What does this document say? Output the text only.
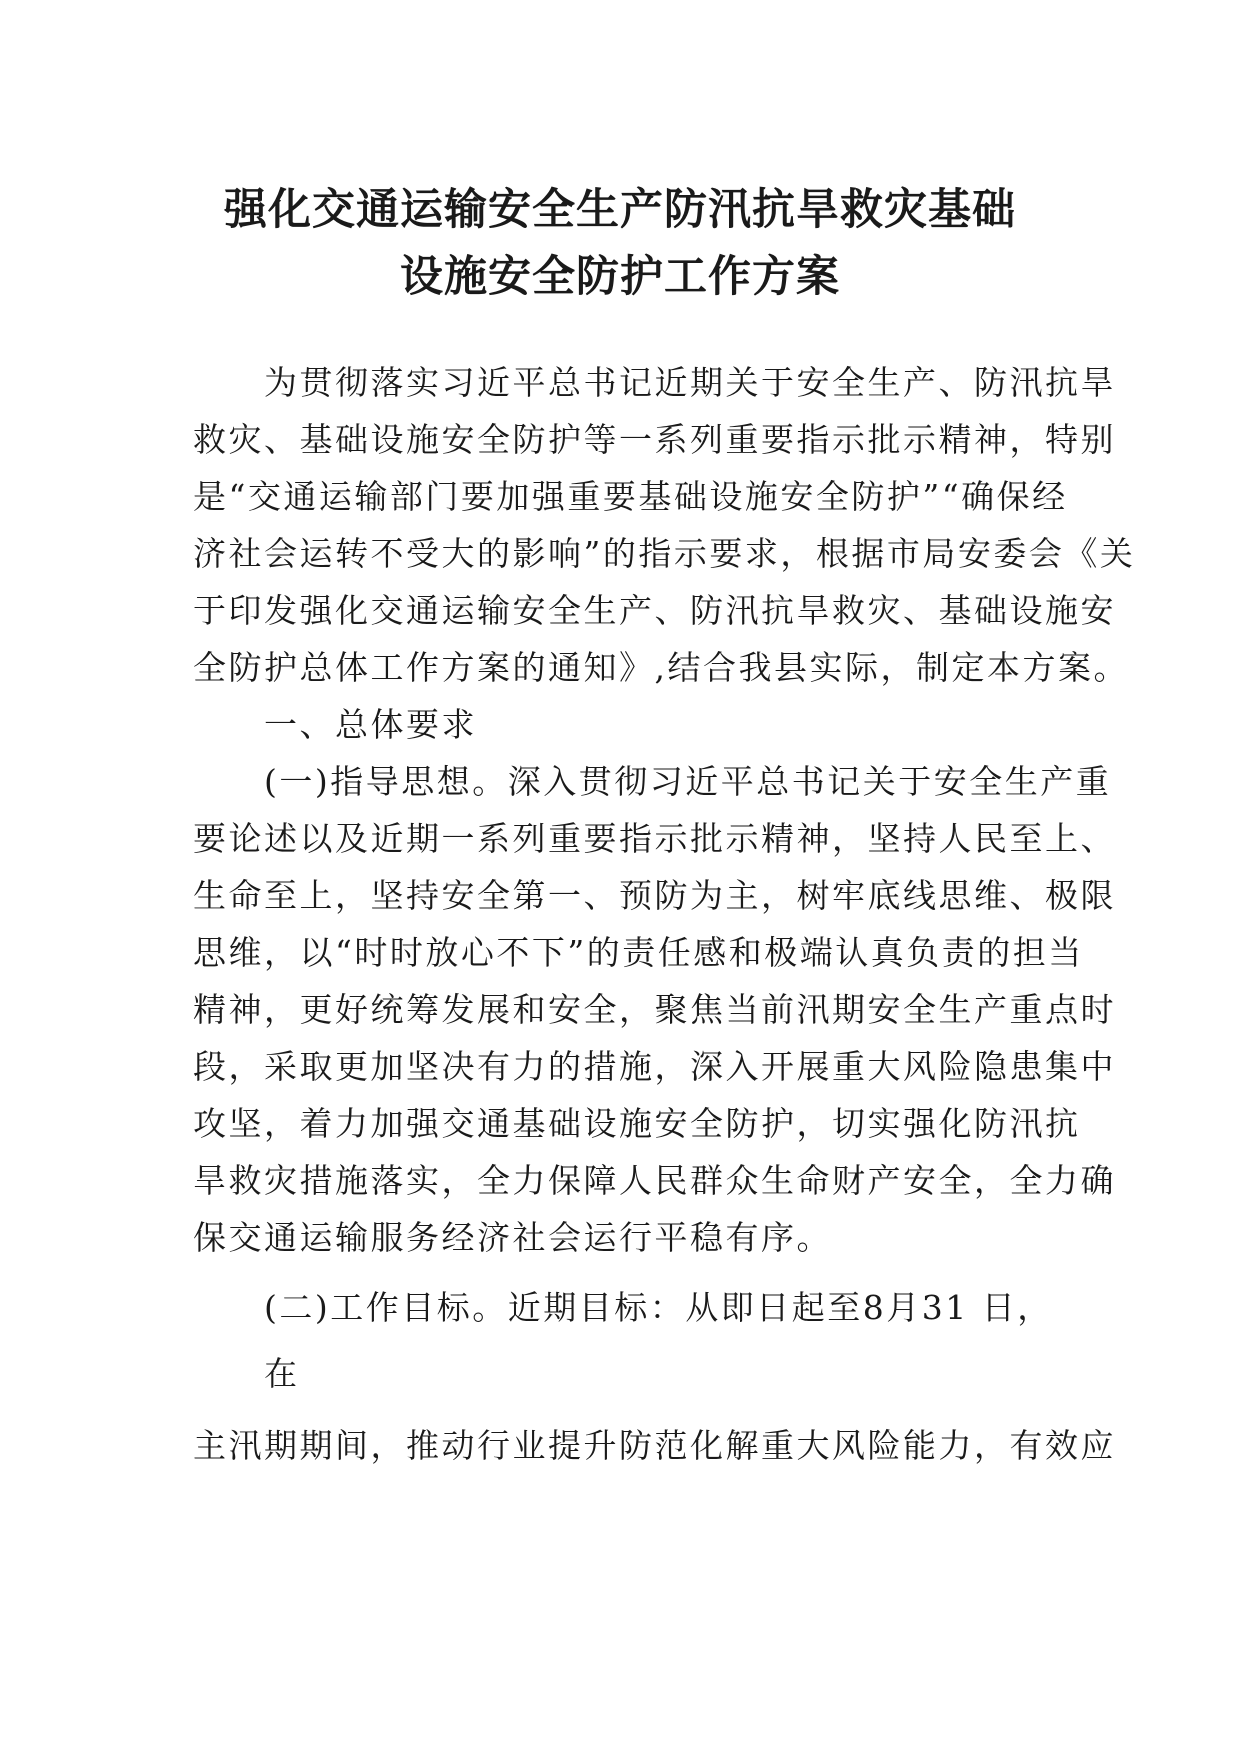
强化交通运输安全生产防汛抗旱救灾基础
设施安全防护工作方案

　　为贯彻落实习近平总书记近期关于安全生产、防汛抗旱

救灾、基础设施安全防护等一系列重要指示批示精神，特别

是“交通运输部门要加强重要基础设施安全防护”“确保经

济社会运转不受大的影响”的指示要求，根据市局安委会《关

于印发强化交通运输安全生产、防汛抗旱救灾、基础设施安

全防护总体工作方案的通知》,结合我县实际，制定本方案。

　　一、总体要求

　　(一)指导思想。深入贯彻习近平总书记关于安全生产重

要论述以及近期一系列重要指示批示精神，坚持人民至上、

生命至上，坚持安全第一、预防为主，树牢底线思维、极限

思维，以“时时放心不下”的责任感和极端认真负责的担当

精神，更好统筹发展和安全，聚焦当前汛期安全生产重点时

段，采取更加坚决有力的措施，深入开展重大风险隐患集中

攻坚，着力加强交通基础设施安全防护，切实强化防汛抗

旱救灾措施落实，全力保障人民群众生命财产安全，全力确

保交通运输服务经济社会运行平稳有序。

　　(二)工作目标。近期目标：从即日起至8月31 日，

　　在

主汛期期间，推动行业提升防范化解重大风险能力，有效应
